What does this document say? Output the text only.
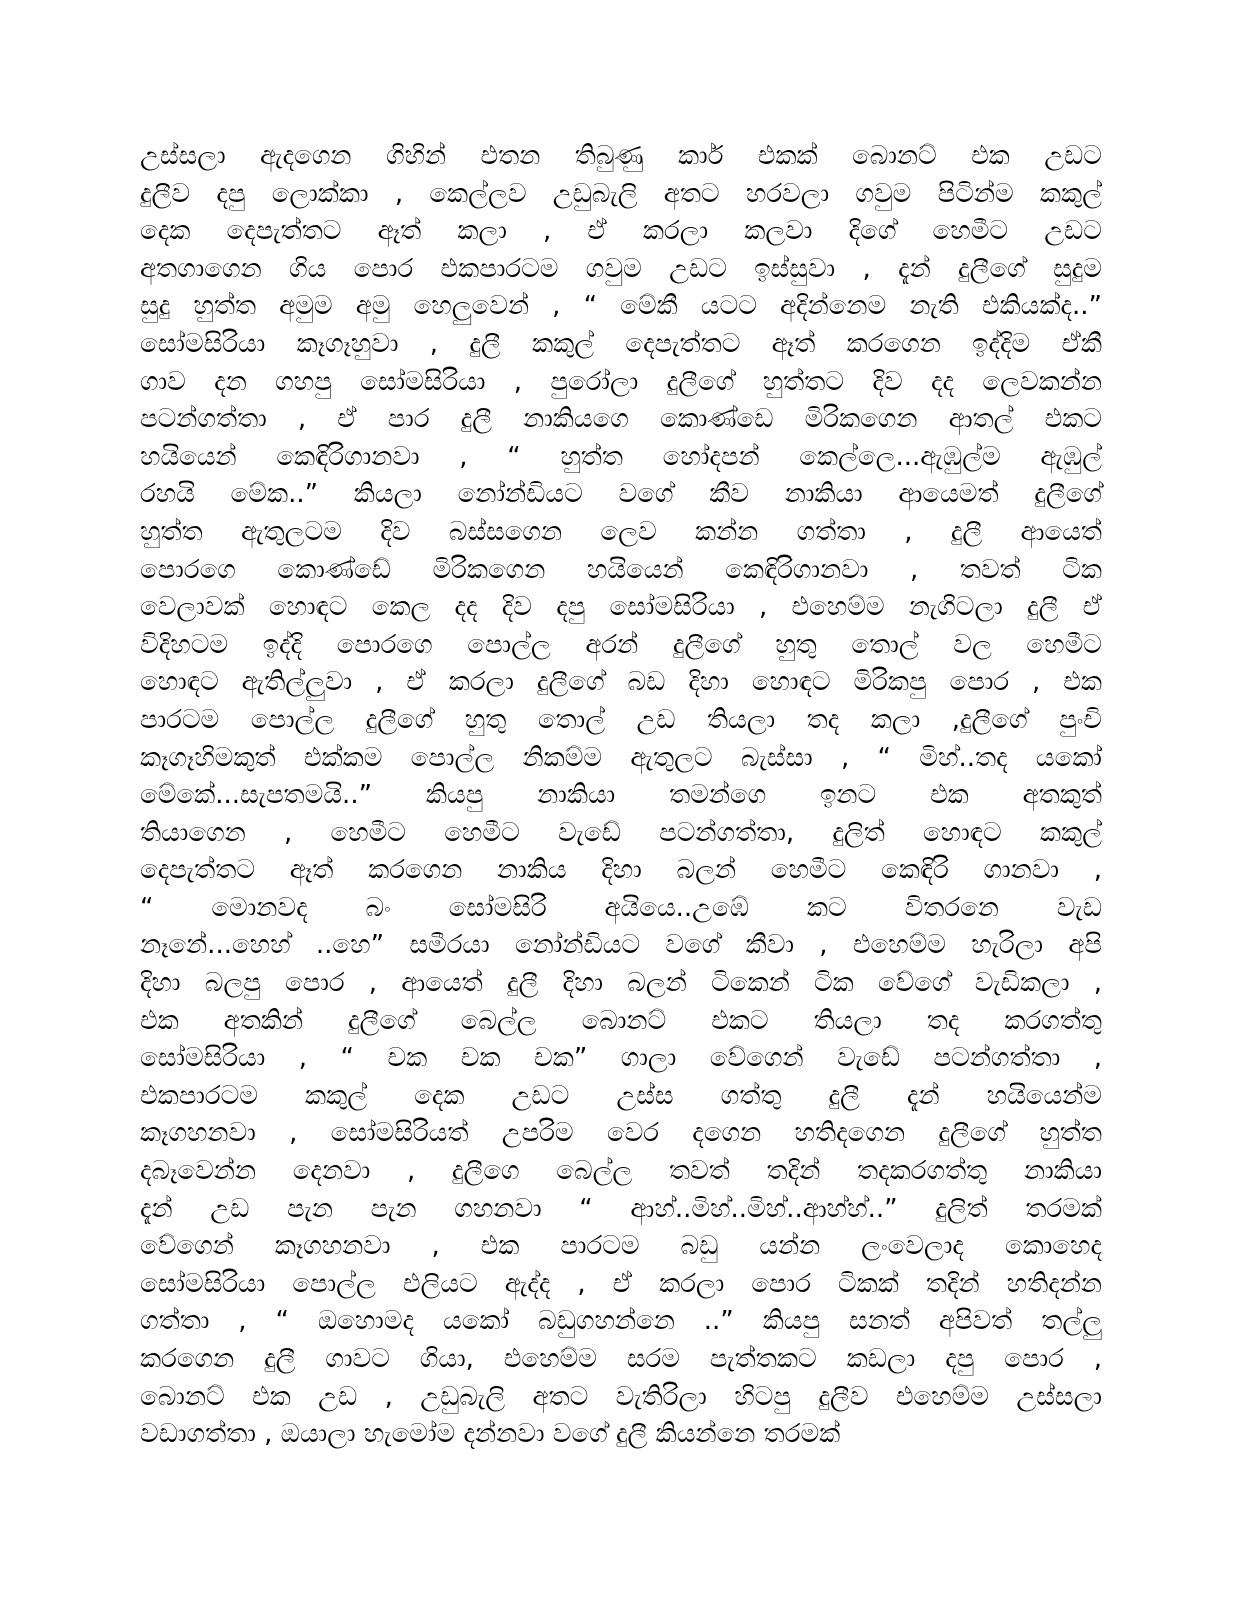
උස්සලා ඇදගෙන ගිහින් එතන තිබුණු කාර් එකක් බොනට් එක උඩට
දුලීව දපු ලොක්කා , කෙල්ලව උඩුබැලි අතට හරවලා ගවුම පිටින්ම කකුල්
දෙක දෙපැත්තට ඈත් කලා , ඒ කරලා කලවා දිගේ හෙමීට උඩට
අතගාගෙන ගිය පොර එකපාරටම ගවුම උඩට ඉස්සුවා , දැන් දුලීගේ සුදුම
සුදු හුත්ත අමුම අමු හෙලුවෙන් , “ මේකී යටට අදින්නෙම නැති එකියක්ද..”
සෝමසිරියා කෑගෑහුවා , දුලී කකුල් දෙපැත්තට ඈත් කරගෙන ඉද්දිම ඒකී
ගාව දන ගහපු සෝමසිරියා , පුරෝලා දුලීගේ හුත්තට දිව දද ලෙවකන්න
පටන්ගත්තා , ඒ පාර දුලී නාකියගෙ කොණ්ඩෙ මිරිකගෙන ආතල් එකට
හයියෙන් කෙඳිරිගානවා , “ හුත්ත හෝදපන් කෙල්ලෙ...ඇඹුල්ම ඇඹුල්
රහයි මේක..” කියලා නෝන්ඩියට වගේ කීව නාකියා ආයෙමත් දුලීගේ
හුත්ත ඇතුලටම දිව බස්සගෙන ලෙව කන්න ගත්තා , දුලී ආයෙත්
පොරගෙ කොණ්ඩේ මිරිකගෙන හයියෙන් කෙඳිරිගානවා , තවත් ටික
වෙලාවක් හොඳට කෙල දද දිව දපු සෝමසිරියා , එහෙම්ම නැගිටලා දුලී ඒ
විදිහටම ඉද්දි පොරගෙ පොල්ල අරන් දුලීගේ හුතු තොල් වල හෙමීට
හොඳට ඇතිල්ලුවා , ඒ කරලා දුලීගේ බඩ දිහා හොඳට මිරිකපු පොර , එක
පාරටම පොල්ල දුලීගේ හුතු තොල් උඩ තියලා තද කලා ,දුලීගේ පුංචි
කෑගෑහිමකුත් එක්කම පොල්ල නිකම්ම ඇතුලට බැස්සා , “ මිහ්..තද යකෝ
මේකේ...සැපතමයි..” කියපු නාකියා තමන්ගෙ ඉනට එක අතකුත්
තියාගෙන , හෙමීට හෙමීට වැඩේ පටන්ගත්තා, දුලිත් හොඳට කකුල්
දෙපැත්තට ඈත් කරගෙන නාකිය දිහා බලන් හෙමීට කෙඳිරි ගානවා ,
“ මොනවද බං සෝමසිරි අයියෙ..උඹේ කට විතරනෙ වැඩ
නෑනේ...හෙහ් ..හෙ” සමීරයා නෝන්ඩියට වගේ කීවා , එහෙම්ම හැරිලා අපි
දිහා බලපු පොර , ආයෙත් දුලී දිහා බලන් ටිකෙන් ටික වේගේ වැඩිකලා ,
එක අතකින් දුලීගේ බෙල්ල බොනට් එකට තියලා තද කරගත්තු
සෝමසිරියා , “ චක චක චක” ගාලා වේගෙන් වැඩේ පටන්ගත්තා ,
එකපාරටම කකුල් දෙක උඩට උස්ස ගත්තු දුලී දැන් හයියෙන්ම
කෑගහනවා , සෝමසිරියත් උපරිම වෙර දගෙන හතිදගෙන දුලීගේ හුත්ත
දබෑවෙන්න දෙනවා , දුලීගෙ බෙල්ල තවත් තදින් තදකරගත්තු නාකියා
දැන් උඩ පැන පැන ගහනවා “ ආහ්..මිහ්..මිහ්..ආහ්හ්..” දුලිත් තරමක්
වේගෙන් කෑගහනවා , එක පාරටම බඩු යන්න ලංවෙලාද කොහෙද
සෝමසිරියා පොල්ල එලියට ඇද්ද , ඒ කරලා පොර ටිකක් තදින් හතිදන්න
ගත්තා , “ ඔහොමද යකෝ බඩුගහන්නෙ ..” කියපු සනත් අපිවත් තල්ලු
කරගෙන දුලී ගාවට ගියා, එහෙම්ම සරම පැත්තකට කඩලා දපු පොර ,
බොනට් එක උඩ , උඩුබැලි අතට වැතිරිලා හිටපු දුලීව එහෙම්ම උස්සලා
වඩාගත්තා , ඔයාලා හැමෝම දන්නවා වගේ දුලී කියන්නෙ තරමක්
